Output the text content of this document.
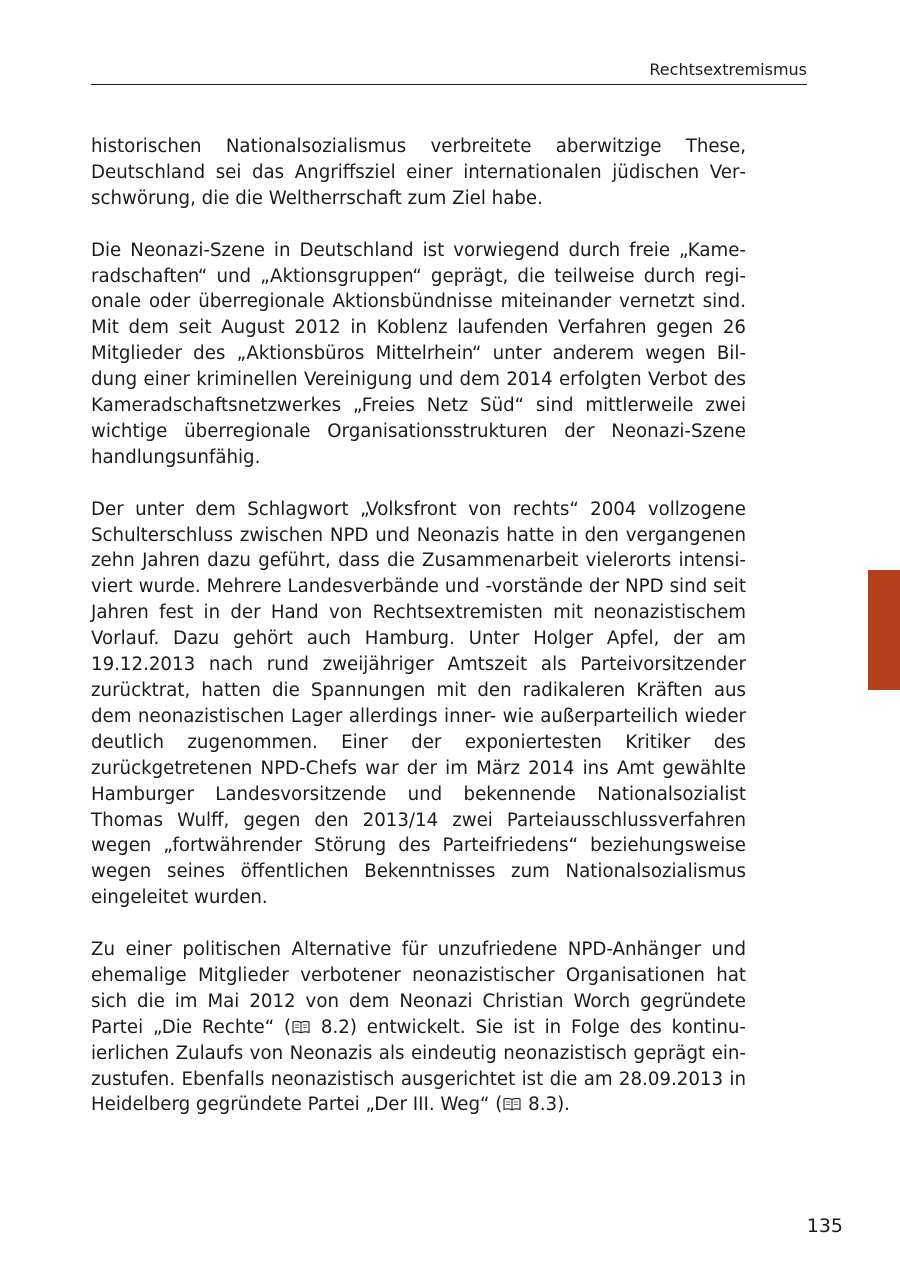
Rechtsextremismus

historischen Nationalsozialismus verbreitete aberwitzige These, Deutschland sei das Angriffsziel einer internationalen jüdischen Verschwörung, die die Weltherrschaft zum Ziel habe.

Die Neonazi-Szene in Deutschland ist vorwiegend durch freie „Kameradschaften“ und „Aktionsgruppen“ geprägt, die teilweise durch regionale oder überregionale Aktionsbündnisse miteinander vernetzt sind. Mit dem seit August 2012 in Koblenz laufenden Verfahren gegen 26 Mitglieder des „Aktionsbüros Mittelrhein“ unter anderem wegen Bildung einer kriminellen Vereinigung und dem 2014 erfolgten Verbot des Kameradschaftsnetzwerkes „Freies Netz Süd“ sind mittlerweile zwei wichtige überregionale Organisationsstrukturen der Neonazi-Szene handlungsunfähig.

Der unter dem Schlagwort „Volksfront von rechts“ 2004 vollzogene Schulterschluss zwischen NPD und Neonazis hatte in den vergangenen zehn Jahren dazu geführt, dass die Zusammenarbeit vielerorts intensiviert wurde. Mehrere Landesverbände und -vorstände der NPD sind seit Jahren fest in der Hand von Rechtsextremisten mit neonazistischem Vorlauf. Dazu gehört auch Hamburg. Unter Holger Apfel, der am 19.12.2013 nach rund zweijähriger Amtszeit als Parteivorsitzender zurücktrat, hatten die Spannungen mit den radikaleren Kräften aus dem neonazistischen Lager allerdings inner- wie außerparteilich wieder deutlich zugenommen. Einer der exponiertesten Kritiker des zurückgetretenen NPD-Chefs war der im März 2014 ins Amt gewählte Hamburger Landesvorsitzende und bekennende Nationalsozialist Thomas Wulff, gegen den 2013/14 zwei Parteiausschlussverfahren wegen „fortwährender Störung des Parteifriedens“ beziehungsweise wegen seines öffentlichen Bekenntnisses zum Nationalsozialismus eingeleitet wurden.

Zu einer politischen Alternative für unzufriedene NPD-Anhänger und ehemalige Mitglieder verbotener neonazistischer Organisationen hat sich die im Mai 2012 von dem Neonazi Christian Worch gegründete Partei „Die Rechte“ ( 8.2) entwickelt. Sie ist in Folge des kontinuierlichen Zulaufs von Neonazis als eindeutig neonazistisch geprägt einzustufen. Ebenfalls neonazistisch ausgerichtet ist die am 28.09.2013 in Heidelberg gegründete Partei „Der III. Weg“ ( 8.3).

135
